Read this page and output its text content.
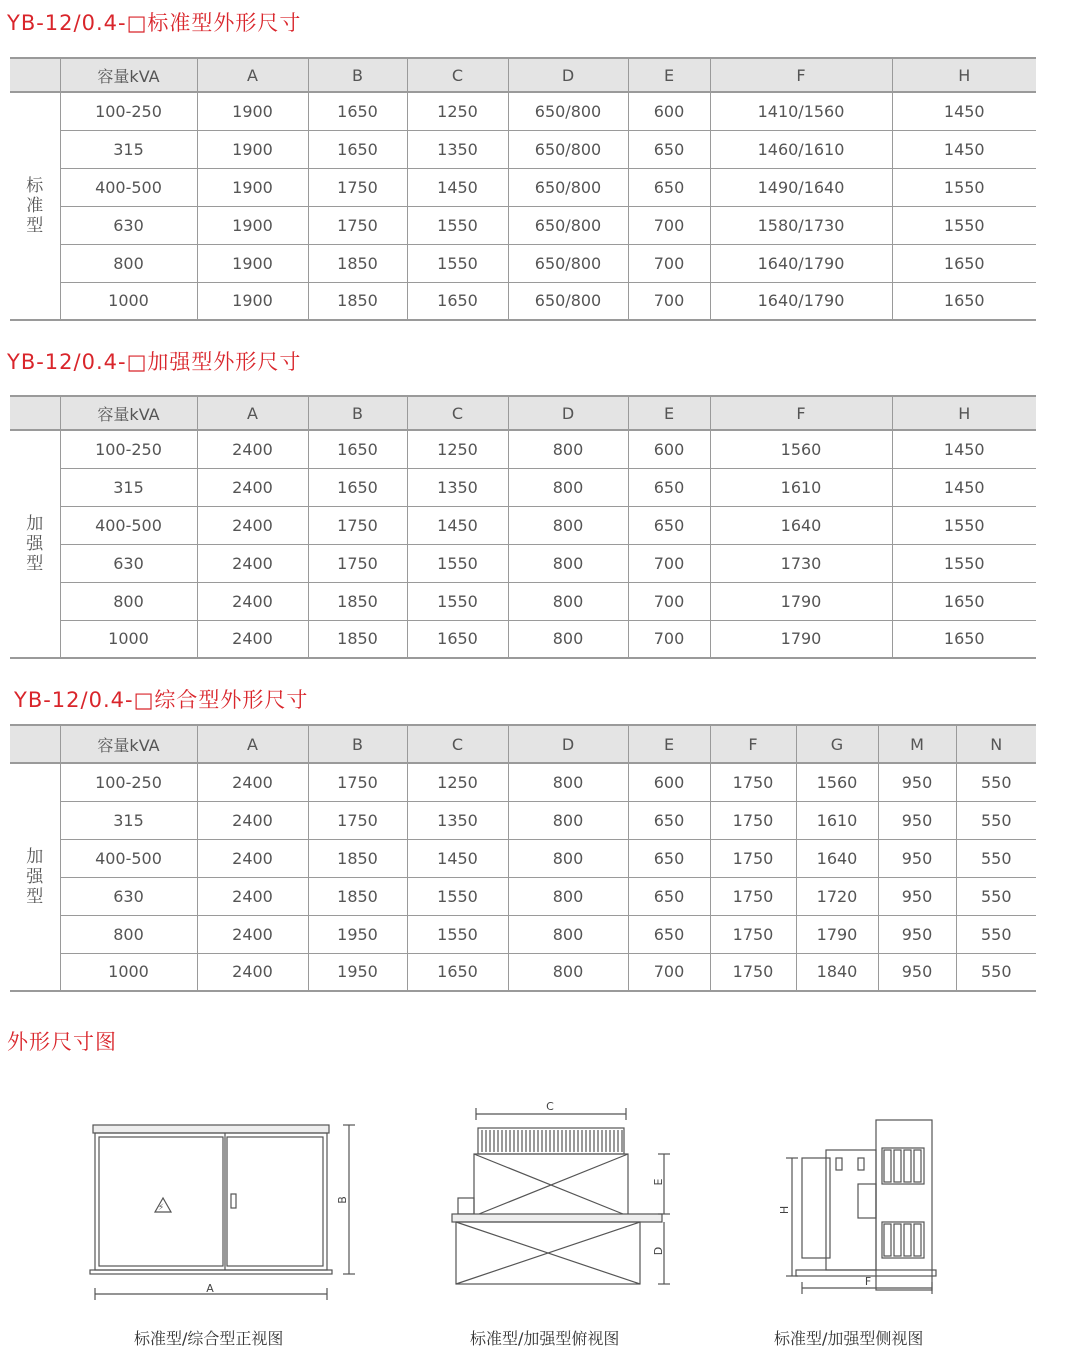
YB-12/0.4-□标准型外形尺寸
	容量kVA	A	B	C	D	E	F	H
标准型	100-250	1900	1650	1250	650/800	600	1410/1560	1450
	315	1900	1650	1350	650/800	650	1460/1610	1450
	400-500	1900	1750	1450	650/800	650	1490/1640	1550
	630	1900	1750	1550	650/800	700	1580/1730	1550
	800	1900	1850	1550	650/800	700	1640/1790	1650
	1000	1900	1850	1650	650/800	700	1640/1790	1650
YB-12/0.4-□加强型外形尺寸
	容量kVA	A	B	C	D	E	F	H
加强型	100-250	2400	1650	1250	800	600	1560	1450
	315	2400	1650	1350	800	650	1610	1450
	400-500	2400	1750	1450	800	650	1640	1550
	630	2400	1750	1550	800	700	1730	1550
	800	2400	1850	1550	800	700	1790	1650
	1000	2400	1850	1650	800	700	1790	1650
YB-12/0.4-□综合型外形尺寸
	容量kVA	A	B	C	D	E	F	G	M	N
加强型	100-250	2400	1750	1250	800	600	1750	1560	950	550
	315	2400	1750	1350	800	650	1750	1610	950	550
	400-500	2400	1850	1450	800	650	1750	1640	950	550
	630	2400	1850	1550	800	650	1750	1720	950	550
	800	2400	1950	1550	800	650	1750	1790	950	550
	1000	2400	1950	1650	800	700	1750	1840	950	550
外形尺寸图
⚡
A
B
C
E
D
H
F
标准型/综合型正视图	标准型/加强型俯视图	标准型/加强型侧视图
